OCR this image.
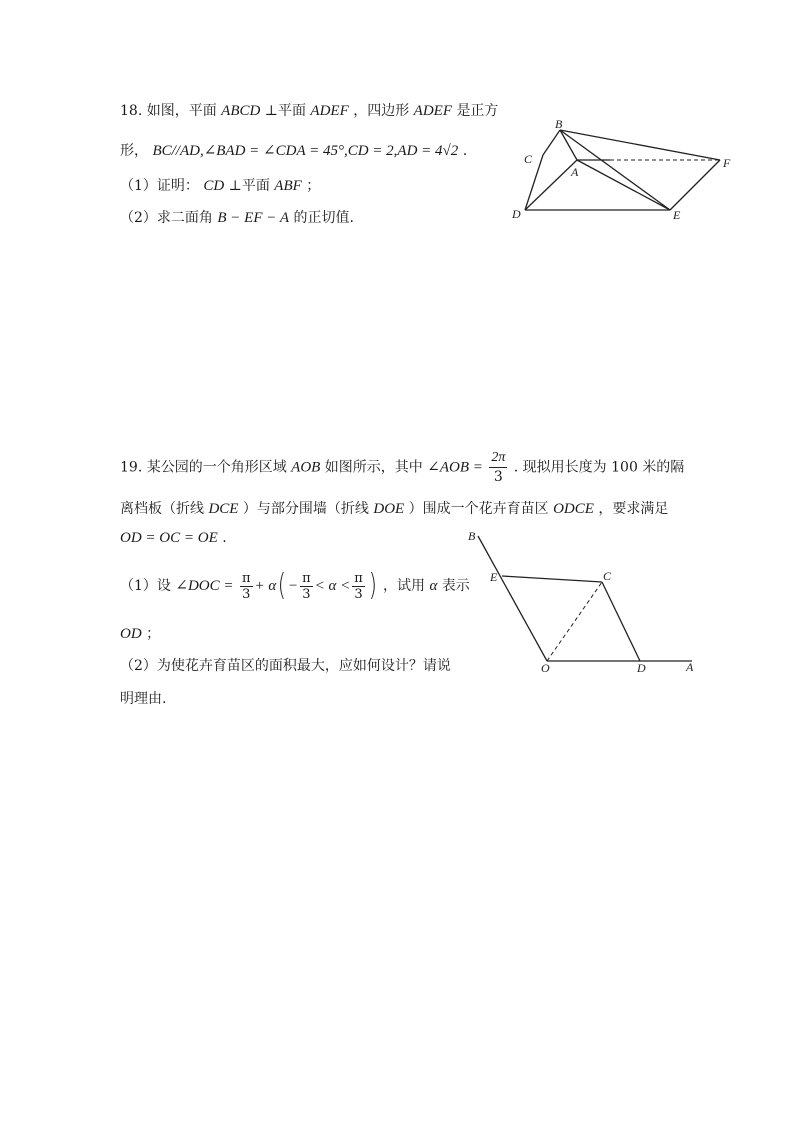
18. 如图，平面 ABCD ⊥平面 ADEF ，四边形 ADEF 是正方
形， BC//AD,∠BAD = ∠CDA = 45°,CD = 2,AD = 4√2 .
（1）证明： CD ⊥平面 ABF ；
（2）求二面角 B − EF − A 的正切值.
B
C
A
F
D	E
19. 某公园的一个角形区域 AOB 如图所示，其中 ∠AOB = $\frac{2\pi}{3}$ . 现拟用长度为 100 米的隔
离档板（折线 DCE ）与部分围墙（折线 DOE ）围成一个花卉育苗区 ODCE ，要求满足
OD = OC = OE .
（1）设 ∠DOC = $\frac{\pi}{3} + \alpha( - \frac{\pi}{3} < \alpha < \frac{\pi}{3}$ ) ，试用 α 表示
OD ；
（2）为使花卉育苗区的面积最大，应如何设计？请说
明理由.
B
E	C
O	D	A
